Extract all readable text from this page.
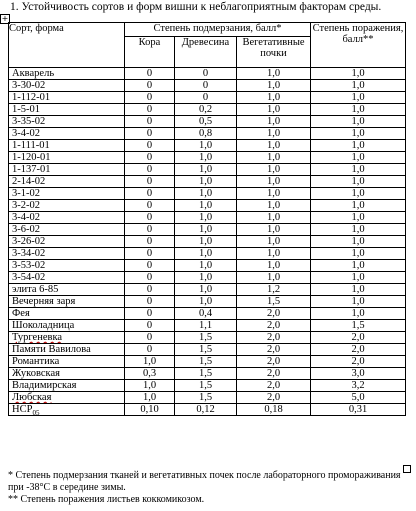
1. Устойчивость сортов и форм вишни к неблагоприятным факторам среды.
+
Сорт, форма	Степень подмерзания, балл*			Степень поражения, балл**
	Кора	Древесина	Вегетативные почки	
Акварель	0	0	1,0	1,0
3-30-02	0	0	1,0	1,0
1-112-01	0	0	1,0	1,0
1-5-01	0	0,2	1,0	1,0
3-35-02	0	0,5	1,0	1,0
3-4-02	0	0,8	1,0	1,0
1-111-01	0	1,0	1,0	1,0
1-120-01	0	1,0	1,0	1,0
1-137-01	0	1,0	1,0	1,0
2-14-02	0	1,0	1,0	1,0
3-1-02	0	1,0	1,0	1,0
3-2-02	0	1,0	1,0	1,0
3-4-02	0	1,0	1,0	1,0
3-6-02	0	1,0	1,0	1,0
3-26-02	0	1,0	1,0	1,0
3-34-02	0	1,0	1,0	1,0
3-53-02	0	1,0	1,0	1,0
3-54-02	0	1,0	1,0	1,0
элита 6-85	0	1,0	1,2	1,0
Вечерняя заря	0	1,0	1,5	1,0
Фея	0	0,4	2,0	1,0
Шоколадница	0	1,1	2,0	1,5
Тургеневка	0	1,5	2,0	2,0
Памяти Вавилова	0	1,5	2,0	2,0
Романтика	1,0	1,5	2,0	2,0
Жуковская	0,3	1,5	2,0	3,0
Владимирская	1,0	1,5	2,0	3,2
Любская	1,0	1,5	2,0	5,0
$НСР_{05}$	0,10	0,12	0,18	0,31

* Степень подмерзания тканей и вегетативных почек после лабораторного промораживания при -38°С в середине зимы.

** Степень поражения листьев коккомикозом.
